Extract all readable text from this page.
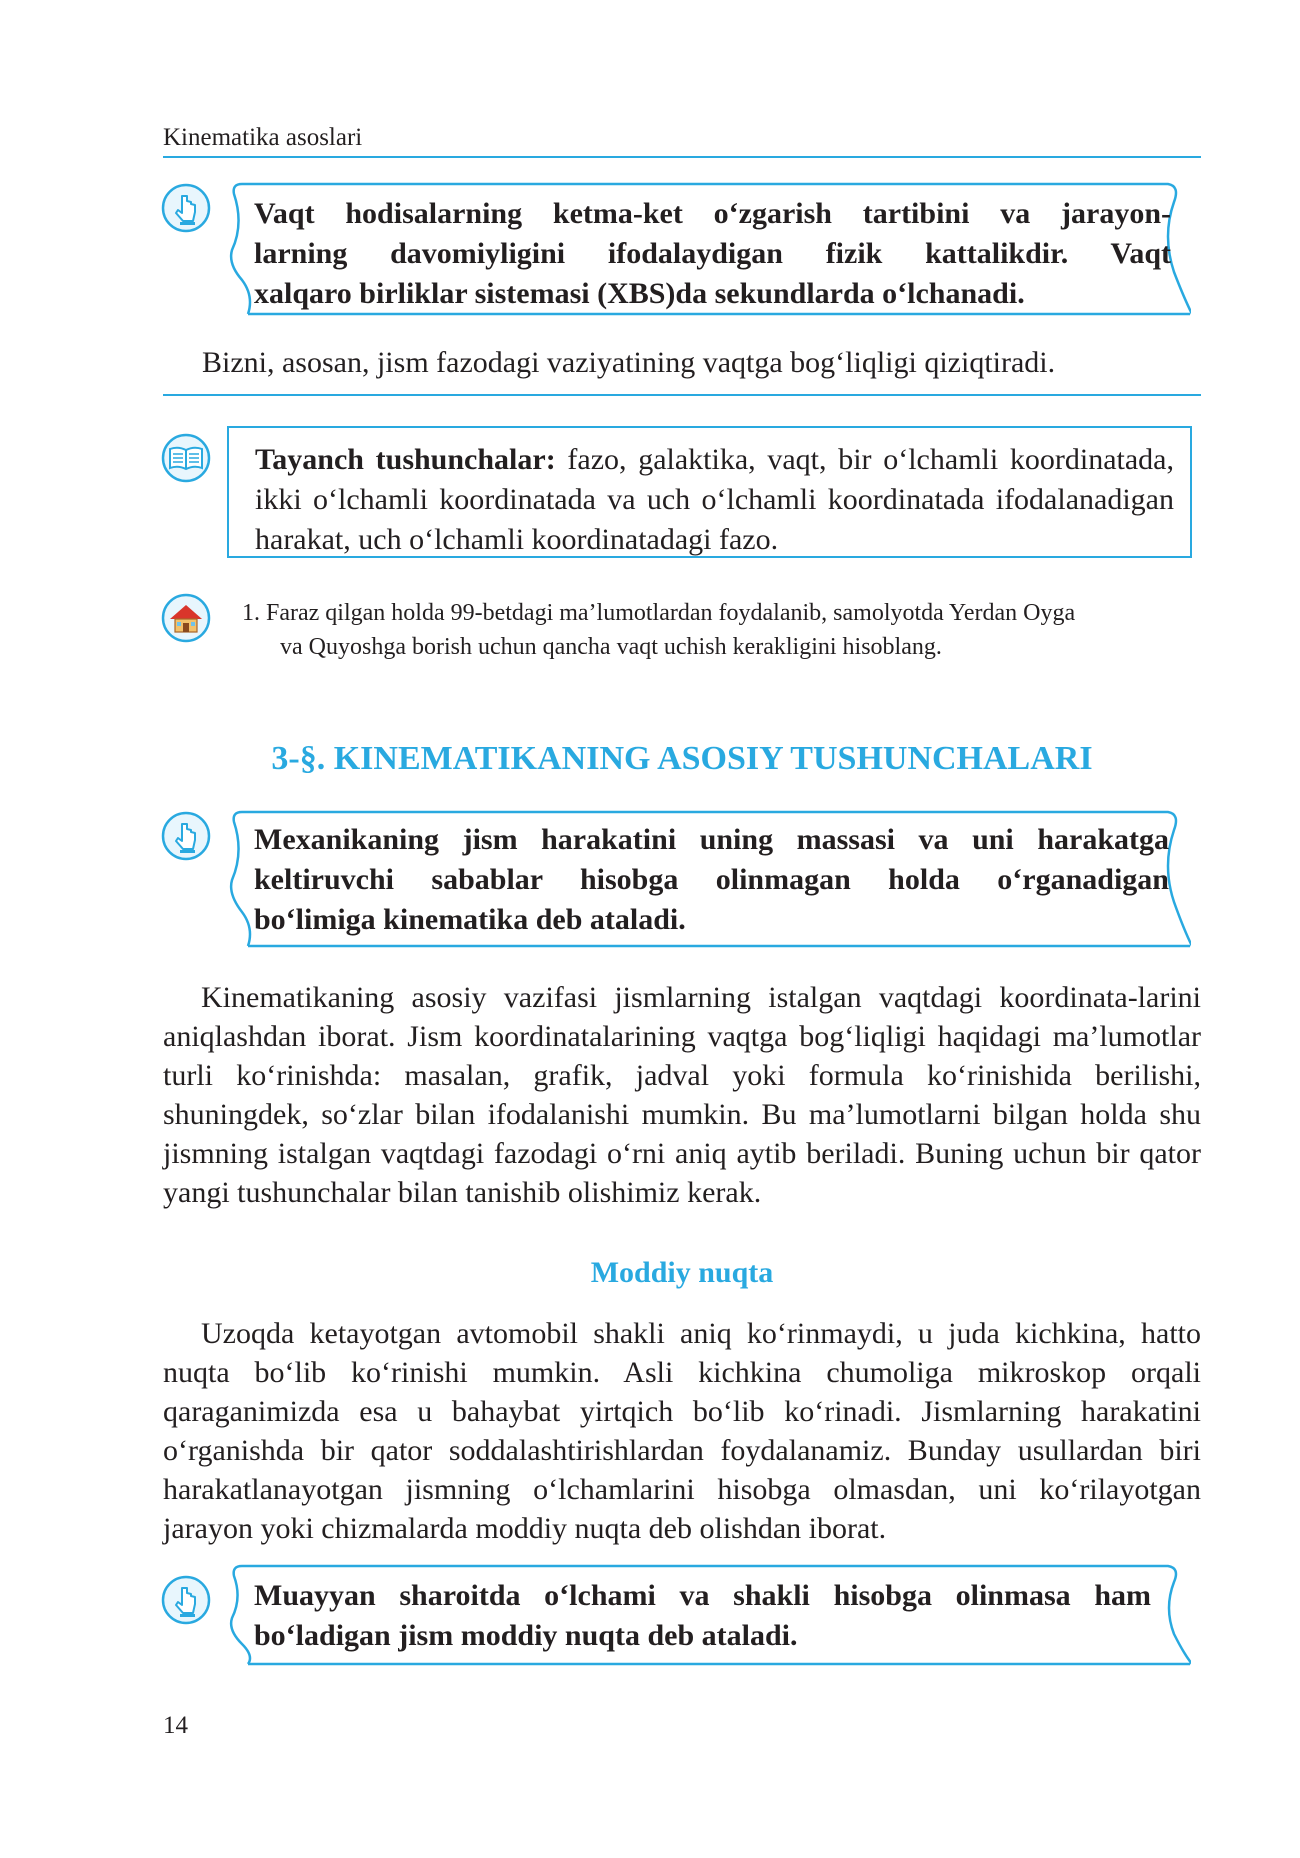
Kinematika asoslari
Vaqt hodisalarning ketma-ket o‘zgarish tartibini va jarayon-
larning davomiyligini ifodalaydigan fizik kattalikdir. Vaqt
xalqaro birliklar sistemasi (XBS)da sekundlarda o‘lchanadi.
Bizni, asosan, jism fazodagi vaziyatining vaqtga bog‘liqligi qiziqtiradi.
Tayanch tushunchalar: fazo, galaktika, vaqt, bir o‘lchamli koordinatada, ikki o‘lchamli koordinatada va uch o‘lchamli koordinatada ifodalanadigan harakat, uch o‘lchamli koordinatadagi fazo.
1. Faraz qilgan holda 99-betdagi ma’lumotlardan foydalanib, samolyotda Yerdan Oyga
va Quyoshga borish uchun qancha vaqt uchish kerakligini hisoblang.
3-§. KINEMATIKANING ASOSIY TUSHUNCHALARI
Mexanikaning jism harakatini uning massasi va uni harakatga
keltiruvchi sabablar hisobga olinmagan holda o‘rganadigan
bo‘limiga kinematika deb ataladi.

Kinematikaning asosiy vazifasi jismlarning istalgan vaqtdagi koordinata-larini aniqlashdan iborat. Jism koordinatalarining vaqtga bog‘liqligi haqidagi ma’lumotlar turli ko‘rinishda: masalan, grafik, jadval yoki formula ko‘rinishida berilishi, shuningdek, so‘zlar bilan ifodalanishi mumkin. Bu ma’lumotlarni bilgan holda shu jismning istalgan vaqtdagi fazodagi o‘rni aniq aytib beriladi. Buning uchun bir qator yangi tushunchalar bilan tanishib olishimiz kerak.

Moddiy nuqta

Uzoqda ketayotgan avtomobil shakli aniq ko‘rinmaydi, u juda kichkina, hatto nuqta bo‘lib ko‘rinishi mumkin. Asli kichkina chumoliga mikroskop orqali qaraganimizda esa u bahaybat yirtqich bo‘lib ko‘rinadi. Jismlarning harakatini o‘rganishda bir qator soddalashtirishlardan foydalanamiz. Bunday usullardan biri harakatlanayotgan jismning o‘lchamlarini hisobga olmasdan, uni ko‘rilayotgan jarayon yoki chizmalarda moddiy nuqta deb olishdan iborat.

Muayyan sharoitda o‘lchami va shakli hisobga olinmasa ham
bo‘ladigan jism moddiy nuqta deb ataladi.
14
